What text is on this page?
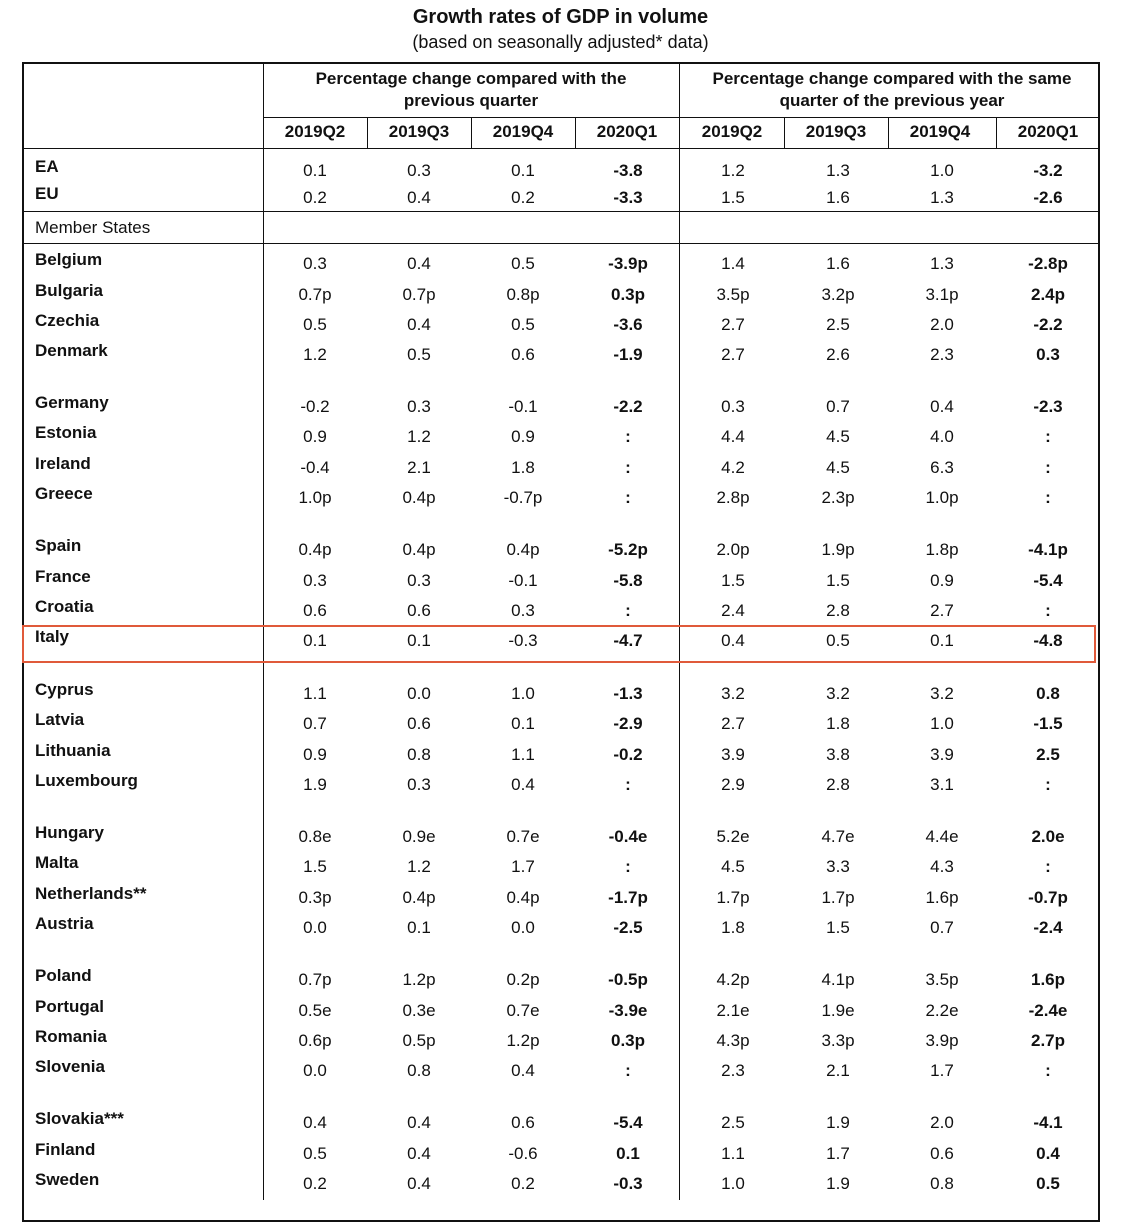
Growth rates of GDP in volume
(based on seasonally adjusted* data)
Percentage change compared with the previous quarter
Percentage change compared with the same quarter of the previous year
2019Q2	2019Q3	2019Q4	2020Q1	2019Q2	2019Q3	2019Q4	2020Q1
Member States
EA	0.1	0.3	0.1	-3.8	1.2	1.3	1.0	-3.2
EU	0.2	0.4	0.2	-3.3	1.5	1.6	1.3	-2.6
Belgium	0.3	0.4	0.5	-3.9p	1.4	1.6	1.3	-2.8p
Bulgaria	0.7p	0.7p	0.8p	0.3p	3.5p	3.2p	3.1p	2.4p
Czechia	0.5	0.4	0.5	-3.6	2.7	2.5	2.0	-2.2
Denmark	1.2	0.5	0.6	-1.9	2.7	2.6	2.3	0.3
Germany	-0.2	0.3	-0.1	-2.2	0.3	0.7	0.4	-2.3
Estonia	0.9	1.2	0.9	:	4.4	4.5	4.0	:
Ireland	-0.4	2.1	1.8	:	4.2	4.5	6.3	:
Greece	1.0p	0.4p	-0.7p	:	2.8p	2.3p	1.0p	:
Spain	0.4p	0.4p	0.4p	-5.2p	2.0p	1.9p	1.8p	-4.1p
France	0.3	0.3	-0.1	-5.8	1.5	1.5	0.9	-5.4
Croatia	0.6	0.6	0.3	:	2.4	2.8	2.7	:
Italy	0.1	0.1	-0.3	-4.7	0.4	0.5	0.1	-4.8
Cyprus	1.1	0.0	1.0	-1.3	3.2	3.2	3.2	0.8
Latvia	0.7	0.6	0.1	-2.9	2.7	1.8	1.0	-1.5
Lithuania	0.9	0.8	1.1	-0.2	3.9	3.8	3.9	2.5
Luxembourg	1.9	0.3	0.4	:	2.9	2.8	3.1	:
Hungary	0.8e	0.9e	0.7e	-0.4e	5.2e	4.7e	4.4e	2.0e
Malta	1.5	1.2	1.7	:	4.5	3.3	4.3	:
Netherlands**	0.3p	0.4p	0.4p	-1.7p	1.7p	1.7p	1.6p	-0.7p
Austria	0.0	0.1	0.0	-2.5	1.8	1.5	0.7	-2.4
Poland	0.7p	1.2p	0.2p	-0.5p	4.2p	4.1p	3.5p	1.6p
Portugal	0.5e	0.3e	0.7e	-3.9e	2.1e	1.9e	2.2e	-2.4e
Romania	0.6p	0.5p	1.2p	0.3p	4.3p	3.3p	3.9p	2.7p
Slovenia	0.0	0.8	0.4	:	2.3	2.1	1.7	:
Slovakia***	0.4	0.4	0.6	-5.4	2.5	1.9	2.0	-4.1
Finland	0.5	0.4	-0.6	0.1	1.1	1.7	0.6	0.4
Sweden	0.2	0.4	0.2	-0.3	1.0	1.9	0.8	0.5
